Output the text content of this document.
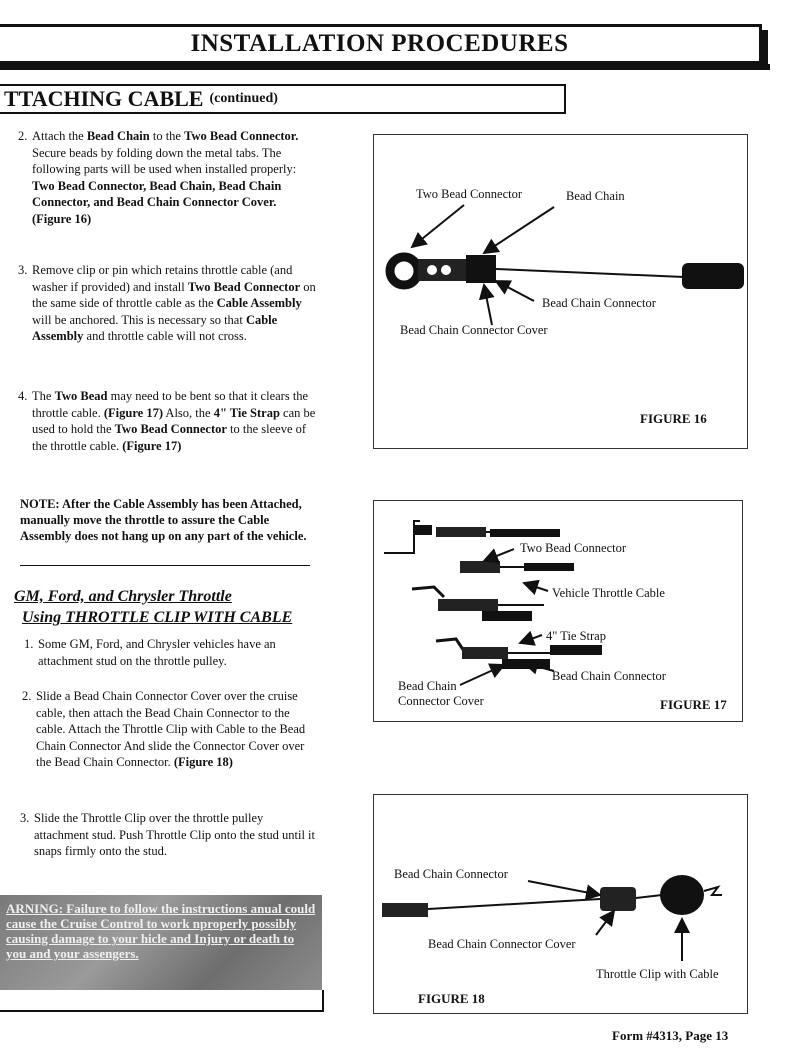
INSTALLATION PROCEDURES
TTACHING CABLE (continued)
2. Attach the Bead Chain to the Two Bead Connector. Secure beads by folding down the metal tabs. The following parts will be used when installed properly: Two Bead Connector, Bead Chain, Bead Chain Connector, and Bead Chain Connector Cover. (Figure 16)
3. Remove clip or pin which retains throttle cable (and washer if provided) and install Two Bead Connector on the same side of throttle cable as the Cable Assembly will be anchored. This is necessary so that Cable Assembly and throttle cable will not cross.
4. The Two Bead may need to be bent so that it clears the throttle cable. (Figure 17) Also, the 4" Tie Strap can be used to hold the Two Bead Connector to the sleeve of the throttle cable. (Figure 17)
NOTE: After the Cable Assembly has been Attached, manually move the throttle to assure the Cable Assembly does not hang up on any part of the vehicle.
GM, Ford, and Chrysler Throttle
Using THROTTLE CLIP WITH CABLE
1. Some GM, Ford, and Chrysler vehicles have an attachment stud on the throttle pulley.
2. Slide a Bead Chain Connector Cover over the cruise cable, then attach the Bead Chain Connector to the cable. Attach the Throttle Clip with Cable to the Bead Chain Connector And slide the Connector Cover over the Bead Chain Connector. (Figure 18)
3. Slide the Throttle Clip over the throttle pulley attachment stud. Push Throttle Clip onto the stud until it snaps firmly onto the stud.
ARNING: Failure to follow the instructions anual could cause the Cruise Control to work nproperly possibly causing damage to your hicle and Injury or death to you and your assengers.
Two Bead Connector	Bead Chain
Bead Chain Connector
Bead Chain Connector Cover
FIGURE 16
Two Bead Connector
Vehicle Throttle Cable
4" Tie Strap
Bead Chain Connector
Bead Chain
Connector Cover	FIGURE 17
Bead Chain Connector
Bead Chain Connector Cover
Throttle Clip with Cable
FIGURE 18
Form #4313, Page 13
